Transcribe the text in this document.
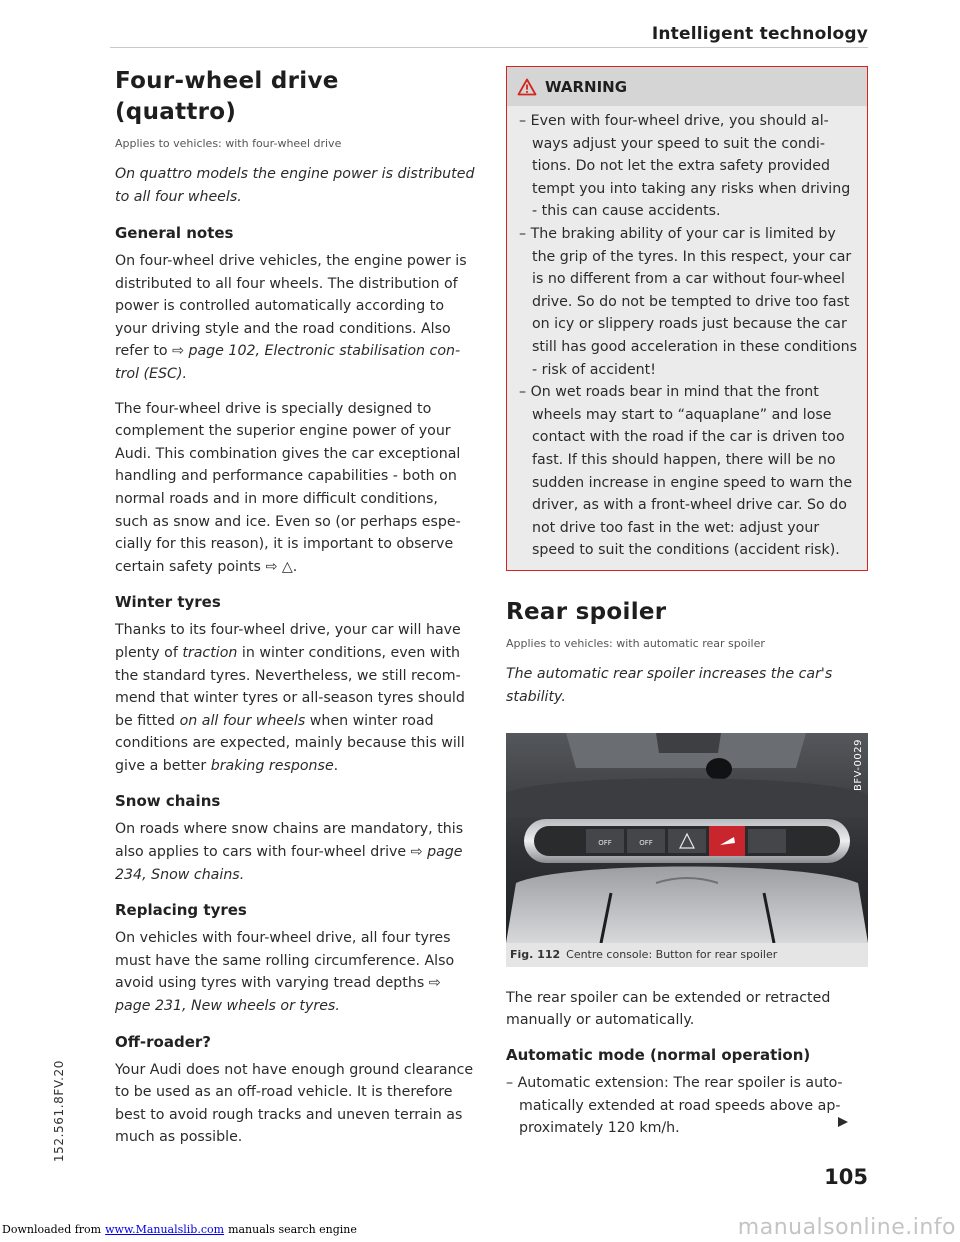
Intelligent technology
Four-wheel drive
(quattro)
Applies to vehicles: with four-wheel drive

On quattro models the engine power is distributed to all four wheels.

General notes

On four-wheel drive vehicles, the engine power is distributed to all four wheels. The distribution of power is controlled automatically according to your driving style and the road conditions. Also refer to ⇨ page 102, Electronic stabilisation control (ESC).

The four-wheel drive is specially designed to complement the superior engine power of your Audi. This combination gives the car exceptional handling and performance capabilities - both on normal roads and in more difficult conditions, such as snow and ice. Even so (or perhaps especially for this reason), it is important to observe certain safety points ⇨ △.

Winter tyres

Thanks to its four-wheel drive, your car will have plenty of traction in winter conditions, even with the standard tyres. Nevertheless, we still recommend that winter tyres or all-season tyres should be fitted on all four wheels when winter road conditions are expected, mainly because this will give a better braking response.

Snow chains

On roads where snow chains are mandatory, this also applies to cars with four-wheel drive ⇨ page 234, Snow chains.

Replacing tyres

On vehicles with four-wheel drive, all four tyres must have the same rolling circumference. Also avoid using tyres with varying tread depths ⇨ page 231, New wheels or tyres.

Off-roader?

Your Audi does not have enough ground clearance to be used as an off-road vehicle. It is therefore best to avoid rough tracks and uneven terrain as much as possible.

WARNING
– Even with four-wheel drive, you should always adjust your speed to suit the conditions. Do not let the extra safety provided tempt you into taking any risks when driving - this can cause accidents.
– The braking ability of your car is limited by the grip of the tyres. In this respect, your car is no different from a car without four-wheel drive. So do not be tempted to drive too fast on icy or slippery roads just because the car still has good acceleration in these conditions - risk of accident!
– On wet roads bear in mind that the front wheels may start to “aquaplane” and lose contact with the road if the car is driven too fast. If this should happen, there will be no sudden increase in engine speed to warn the driver, as with a front-wheel drive car. So do not drive too fast in the wet: adjust your speed to suit the conditions (accident risk).
Rear spoiler
Applies to vehicles: with automatic rear spoiler

The automatic rear spoiler increases the car's stability.

OFF	OFF
BFV-0029
Fig. 112 Centre console: Button for rear spoiler

The rear spoiler can be extended or retracted manually or automatically.

Automatic mode (normal operation)
– Automatic extension: The rear spoiler is automatically extended at road speeds above approximately 120 km/h.
105
152.561.8FV.20
Downloaded from www.Manualslib.com manuals search engine	manualsonline.info
